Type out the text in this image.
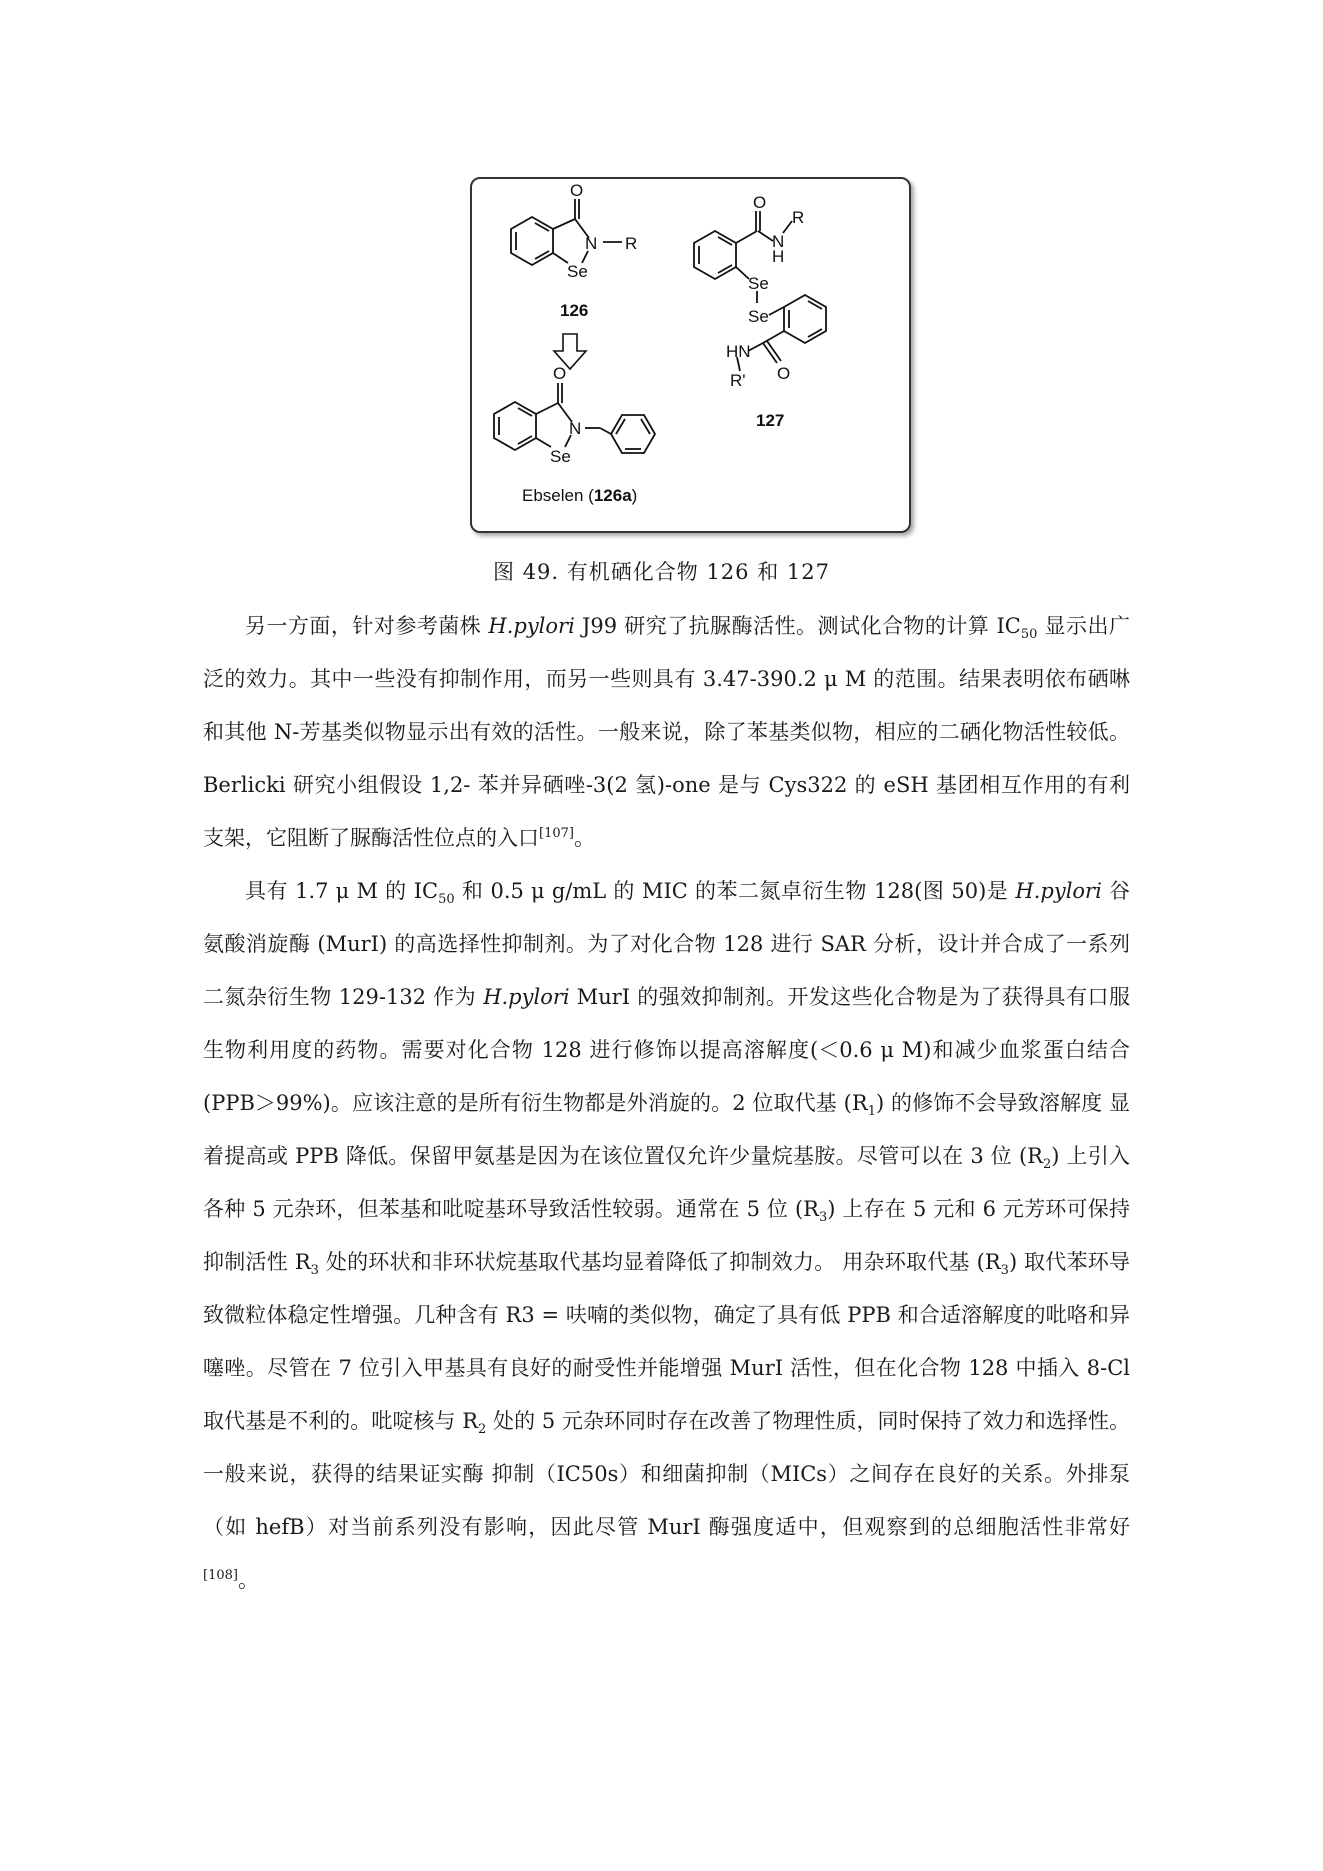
O
N R
Se
126
O
N
Se
Ebselen (126a)
O
N
R
H
Se
Se
HN
O
R'
127
图 49. 有机硒化合物 126 和 127

另一方面，针对参考菌株 H.pylori J99 研究了抗脲酶活性。测试化合物的计算 $IC_{50}$ 显示出广泛的效力。其中一些没有抑制作用，而另一些则具有 3.47-390.2 μ M 的范围。结果表明依布硒啉和其他 N-芳基类似物显示出有效的活性。一般来说，除了苯基类似物，相应的二硒化物活性较低。Berlicki 研究小组假设 1,2- 苯并异硒唑-3(2 氢)-one 是与 Cys322 的 eSH 基团相互作用的有利支架，它阻断了脲酶活性位点的入口[107]。

具有 1.7 μ M 的 $IC_{50}$ 和 0.5 μ g/mL 的 MIC 的苯二氮卓衍生物 128(图 50)是 H.pylori 谷氨酸消旋酶 (MurI) 的高选择性抑制剂。为了对化合物 128 进行 SAR 分析，设计并合成了一系列二氮杂衍生物 129-132 作为 H.pylori MurI 的强效抑制剂。开发这些化合物是为了获得具有口服生物利用度的药物。需要对化合物 128 进行修饰以提高溶解度(＜0.6 μ M)和减少血浆蛋白结合(PPB＞99%)。应该注意的是所有衍生物都是外消旋的。2 位取代基 $(R_1)$ 的修饰不会导致溶解度 显着提高或 PPB 降低。保留甲氨基是因为在该位置仅允许少量烷基胺。尽管可以在 3 位 $(R_2)$ 上引入各种 5 元杂环，但苯基和吡啶基环导致活性较弱。通常在 5 位 $(R_3)$ 上存在 5 元和 6 元芳环可保持抑制活性 $R_3$ 处的环状和非环状烷基取代基均显着降低了抑制效力。 用杂环取代基 $(R_3)$ 取代苯环导致微粒体稳定性增强。几种含有 R3 = 呋喃的类似物，确定了具有低 PPB 和合适溶解度的吡咯和异噻唑。尽管在 7 位引入甲基具有良好的耐受性并能增强 MurI 活性，但在化合物 128 中插入 8-Cl 取代基是不利的。吡啶核与 $R_2$ 处的 5 元杂环同时存在改善了物理性质，同时保持了效力和选择性。一般来说，获得的结果证实酶 抑制（IC50s）和细菌抑制（MICs）之间存在良好的关系。外排泵（如 hefB）对当前系列没有影响，因此尽管 MurI 酶强度适中，但观察到的总细胞活性非常好[108]。
